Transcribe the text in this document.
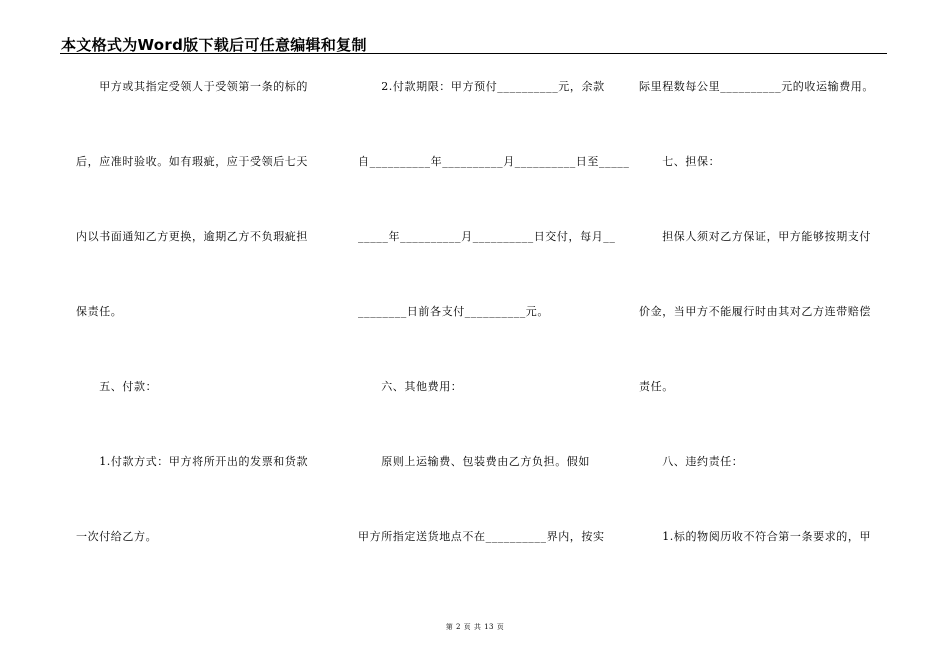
本文格式为Word版下载后可任意编辑和复制
　　甲方或其指定受领人于受领第一条的标的
后，应准时验收。如有瑕疵，应于受领后七天
内以书面通知乙方更换，逾期乙方不负瑕疵担
保责任。
　　五、付款：
　　1.付款方式：甲方将所开出的发票和货款
一次付给乙方。
　　2.付款期限：甲方预付__________元，余款
自__________年__________月__________日至_____
_____年__________月__________日交付，每月__
________日前各支付__________元。
　　六、其他费用：
　　原则上运输费、包装费由乙方负担。假如
甲方所指定送货地点不在__________界内，按实
际里程数每公里__________元的收运输费用。
　　七、担保：
　　担保人须对乙方保证，甲方能够按期支付
价金，当甲方不能履行时由其对乙方连带赔偿
责任。
　　八、违约责任：
　　1.标的物阅历收不符合第一条要求的，甲
第 2 页 共 13 页
